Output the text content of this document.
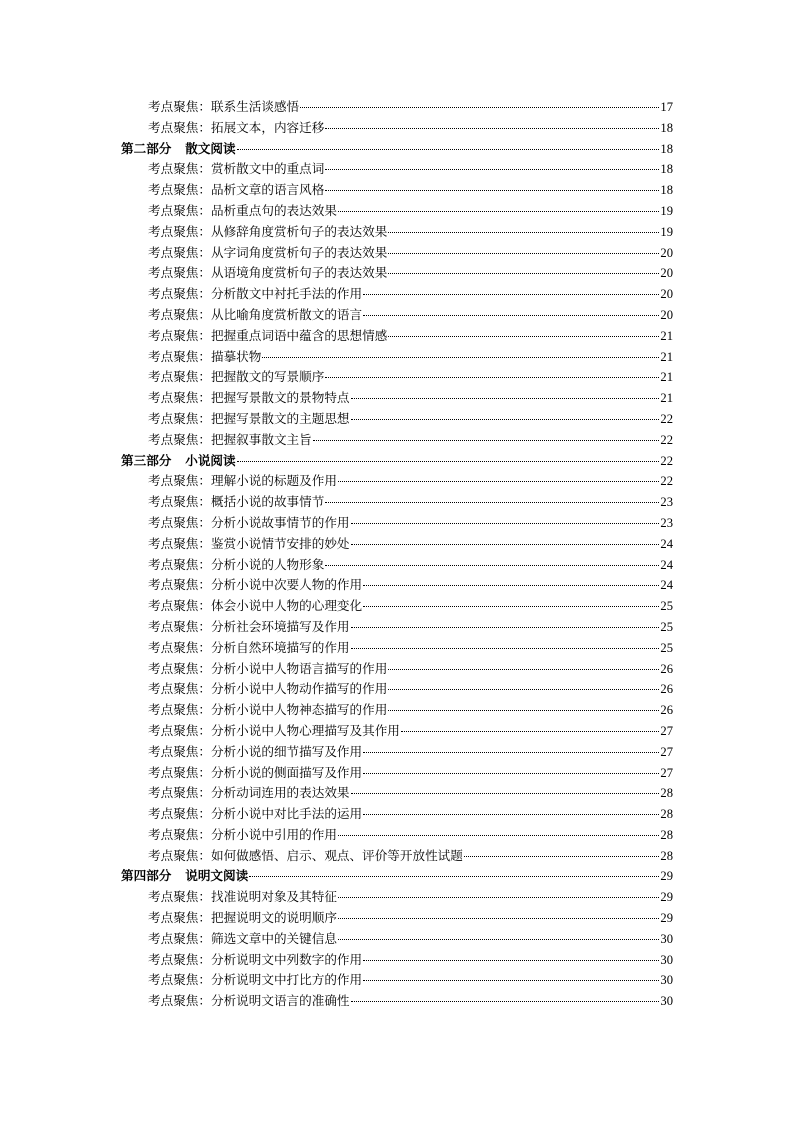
考点聚焦：联系生活谈感悟	17
考点聚焦：拓展文本，内容迁移	18
第二部分 散文阅读	18
考点聚焦：赏析散文中的重点词	18
考点聚焦：品析文章的语言风格	18
考点聚焦：品析重点句的表达效果	19
考点聚焦：从修辞角度赏析句子的表达效果	19
考点聚焦：从字词角度赏析句子的表达效果	20
考点聚焦：从语境角度赏析句子的表达效果	20
考点聚焦：分析散文中衬托手法的作用	20
考点聚焦：从比喻角度赏析散文的语言	20
考点聚焦：把握重点词语中蕴含的思想情感	21
考点聚焦：描摹状物	21
考点聚焦：把握散文的写景顺序	21
考点聚焦：把握写景散文的景物特点	21
考点聚焦：把握写景散文的主题思想	22
考点聚焦：把握叙事散文主旨	22
第三部分 小说阅读	22
考点聚焦：理解小说的标题及作用	22
考点聚焦：概括小说的故事情节	23
考点聚焦：分析小说故事情节的作用	23
考点聚焦：鉴赏小说情节安排的妙处	24
考点聚焦：分析小说的人物形象	24
考点聚焦：分析小说中次要人物的作用	24
考点聚焦：体会小说中人物的心理变化	25
考点聚焦：分析社会环境描写及作用	25
考点聚焦：分析自然环境描写的作用	25
考点聚焦：分析小说中人物语言描写的作用	26
考点聚焦：分析小说中人物动作描写的作用	26
考点聚焦：分析小说中人物神态描写的作用	26
考点聚焦：分析小说中人物心理描写及其作用	27
考点聚焦：分析小说的细节描写及作用	27
考点聚焦：分析小说的侧面描写及作用	27
考点聚焦：分析动词连用的表达效果	28
考点聚焦：分析小说中对比手法的运用	28
考点聚焦：分析小说中引用的作用	28
考点聚焦：如何做感悟、启示、观点、评价等开放性试题	28
第四部分 说明文阅读	29
考点聚焦：找准说明对象及其特征	29
考点聚焦：把握说明文的说明顺序	29
考点聚焦：筛选文章中的关键信息	30
考点聚焦：分析说明文中列数字的作用	30
考点聚焦：分析说明文中打比方的作用	30
考点聚焦：分析说明文语言的准确性	30
